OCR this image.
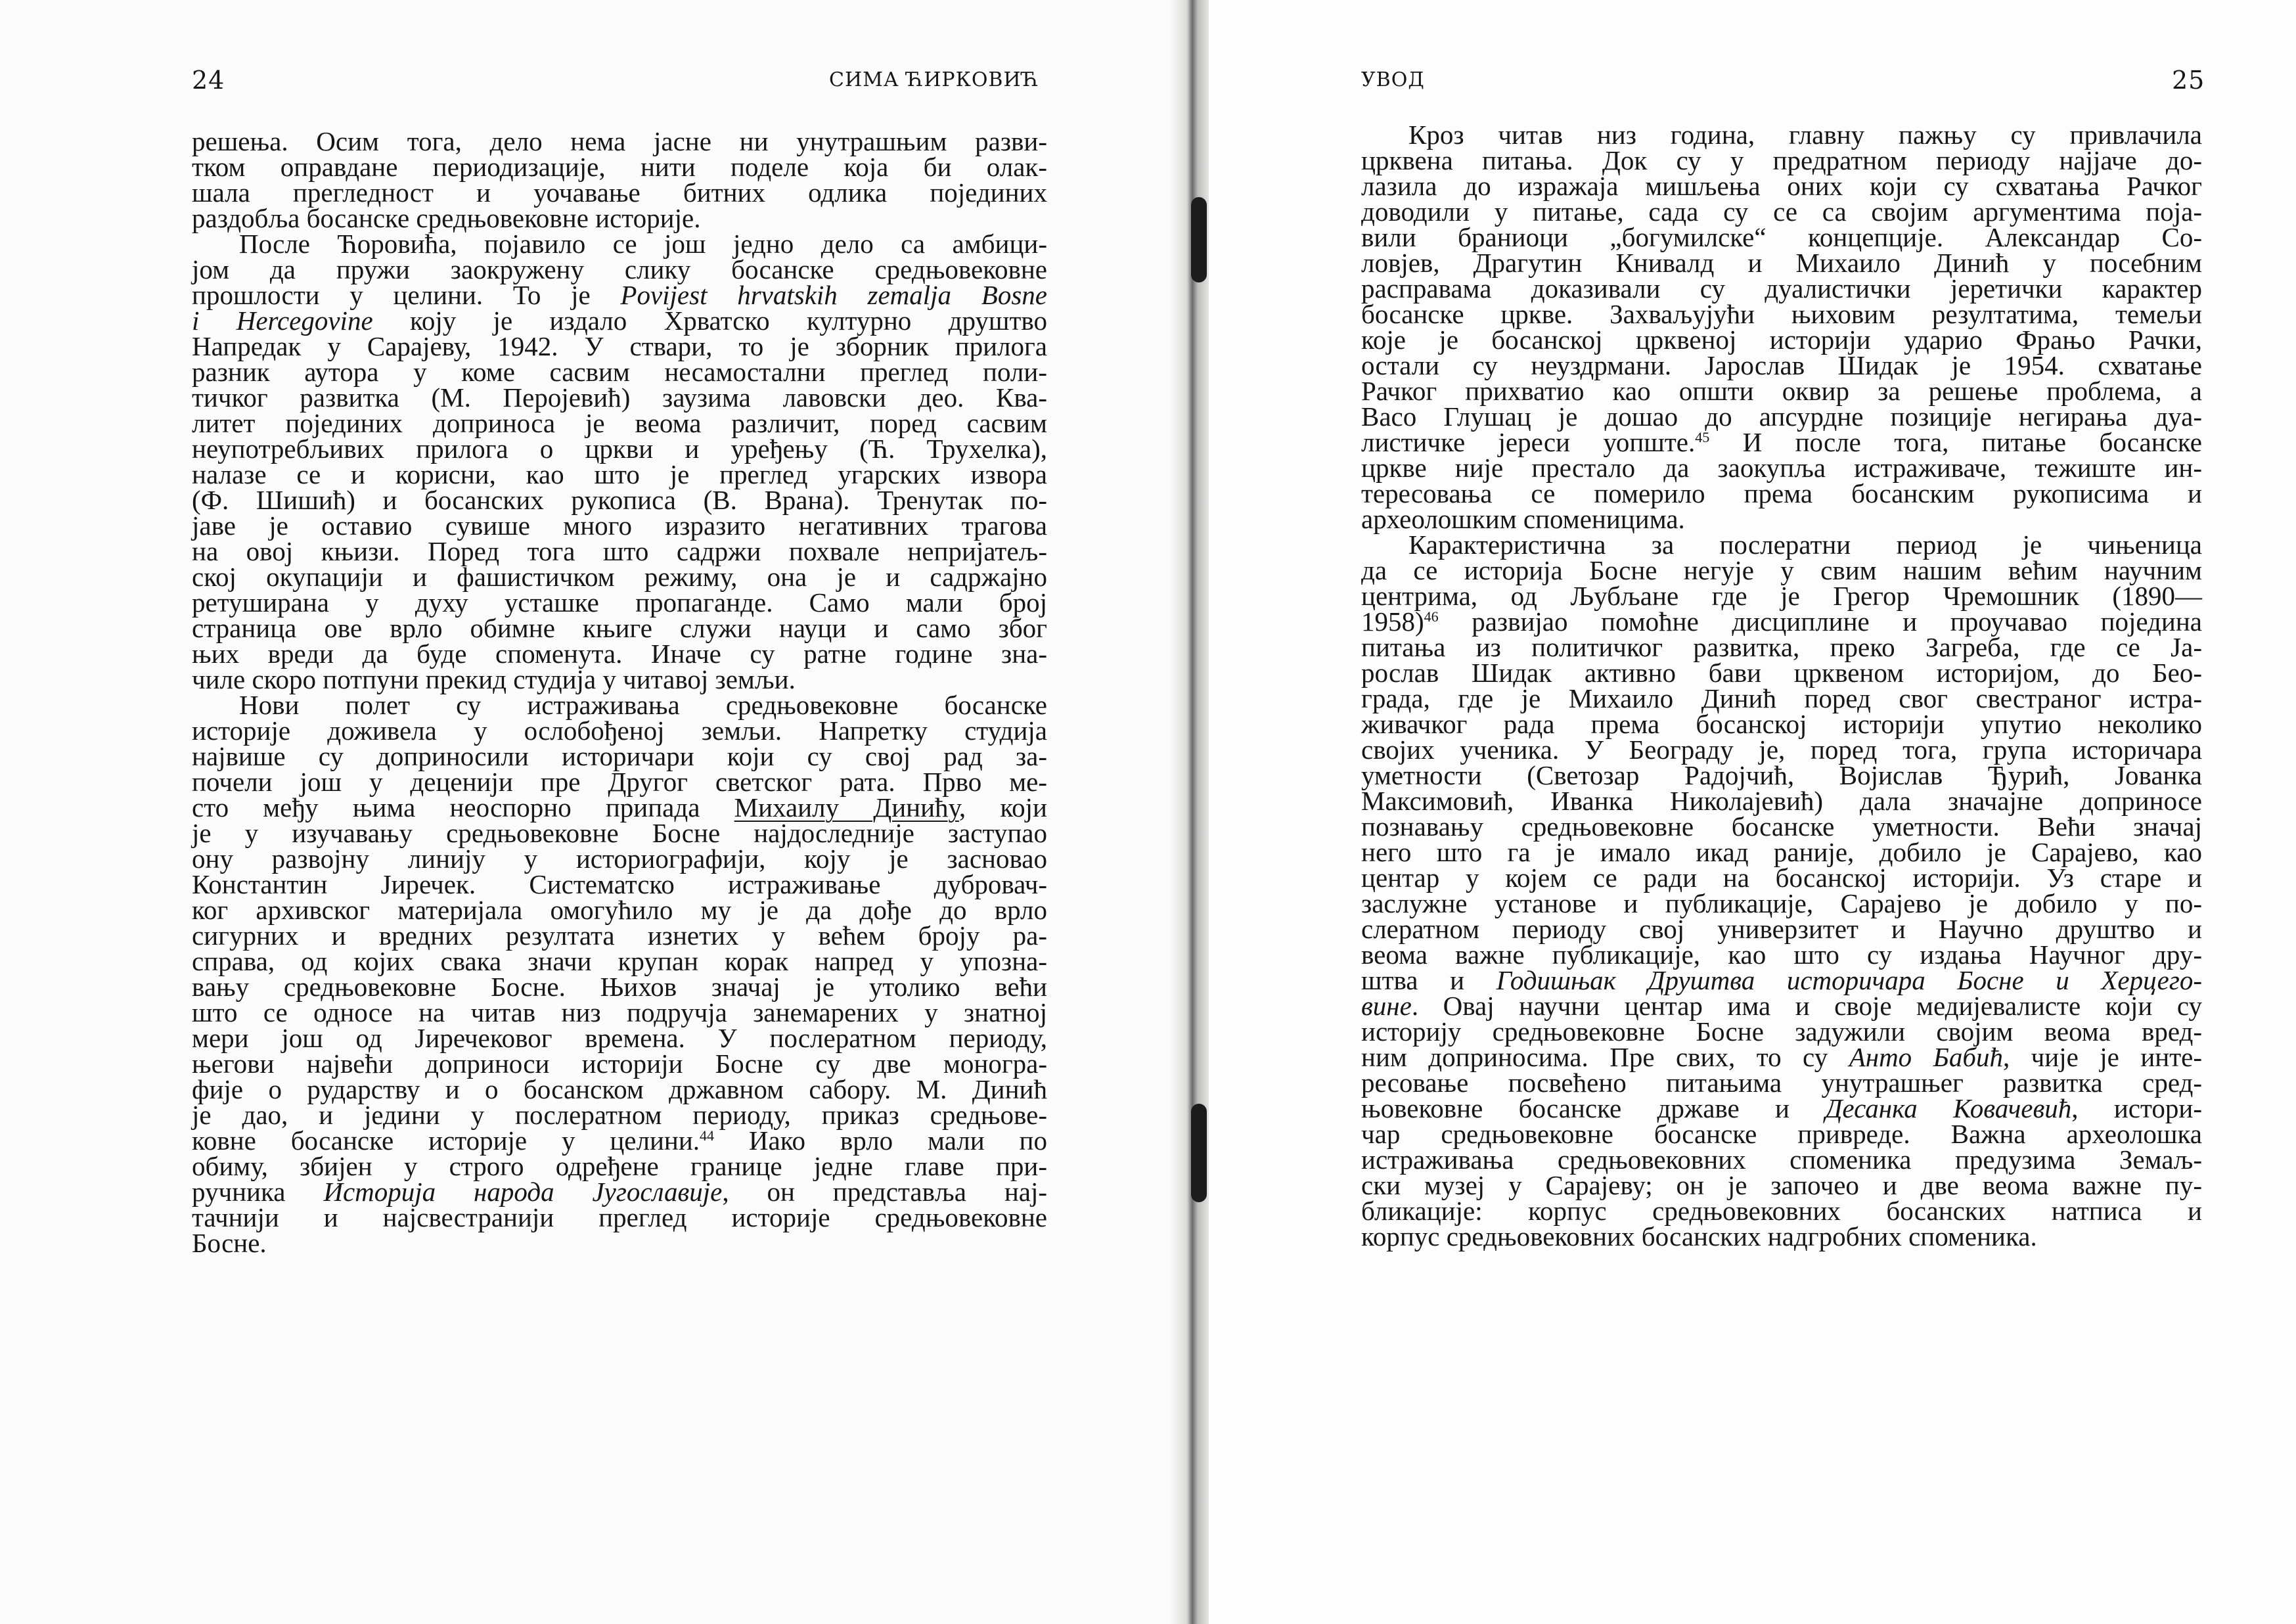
24	СИМА ЋИРКОВИЋ
решења. Осим тога, дело нема јасне ни унутрашњим разви-
тком оправдане периодизације, нити поделе која би олак-
шала прегледност и уочавање битних одлика појединих
раздобља босанске средњовековне историје.
После Ћоровића, појавило се још једно дело са амбици-
јом да пружи заокружену слику босанске средњовековне
прошлости у целини. То је Povijest hrvatskih zemalja Bosne
i Hercegovine коју је издало Хрватско културно друштво
Напредак у Сарајеву, 1942. У ствари, то је зборник прилога
разник аутора у коме сасвим несамостални преглед поли-
тичког развитка (М. Перојевић) заузима лавовски део. Ква-
литет појединих доприноса је веома различит, поред сасвим
неупотребљивих прилога о цркви и уређењу (Ћ. Трухелка),
налазе се и корисни, као што је преглед угарских извора
(Ф. Шишић) и босанских рукописа (В. Врана). Тренутак по-
јаве је оставио сувише много изразито негативних трагова
на овој књизи. Поред тога што садржи похвале непријатељ-
ској окупацији и фашистичком режиму, она је и садржајно
ретуширана у духу усташке пропаганде. Само мали број
страница ове врло обимне књиге служи науци и само због
њих вреди да буде споменута. Иначе су ратне године зна-
чиле скоро потпуни прекид студија у читавој земљи.
Нови полет су истраживања средњовековне босанске
историје доживела у ослобођеној земљи. Напретку студија
највише су доприносили историчари који су свој рад за-
почели још у деценији пре Другог светског рата. Прво ме-
сто међу њима неоспорно припада Михаилу Динићу, који
је у изучавању средњовековне Босне најдоследније заступао
ону развојну линију у историографији, коју је засновао
Константин Јиречек. Систематско истраживање дубровач-
ког архивског материјала омогућило му је да дође до врло
сигурних и вредних резултата изнетих у већем броју ра-
справа, од којих свака значи крупан корак напред у упозна-
вању средњовековне Босне. Њихов значај је утолико већи
што се односе на читав низ подручја занемарених у знатној
мери још од Јиречековог времена. У послератном периоду,
његови највећи доприноси историји Босне су две моногра-
фије о рударству и о босанском државном сабору. М. Динић
је дао, и једини у послератном периоду, приказ средњове-
ковне босанске историје у целини.$^{44}$ Иако врло мали по
обиму, збијен у строго одређене границе једне главе при-
ручника Историја народа Југославије, он представља нај-
тачнији и најсвестранији преглед историје средњовековне
Босне.
УВОД	25
Кроз читав низ година, главну пажњу су привлачила
црквена питања. Док су у предратном периоду најјаче до-
лазила до изражаја мишљења оних који су схватања Рачког
доводили у питање, сада су се са својим аргументима поја-
вили браниоци „богумилске“ концепције. Александар Со-
ловјев, Драгутин Книвалд и Михаило Динић у посебним
расправама доказивали су дуалистички јеретички карактер
босанске цркве. Захваљујући њиховим резултатима, темељи
које је босанској црквеној историји ударио Фрањо Рачки,
остали су неуздрмани. Јарослав Шидак је 1954. схватање
Рачког прихватио као општи оквир за решење проблема, а
Васо Глушац је дошао до апсурдне позиције негирања дуа-
листичке јереси уопште.$^{45}$ И после тога, питање босанске
цркве није престало да заокупља истраживаче, тежиште ин-
тересовања се померило према босанским рукописима и
археолошким споменицима.
Карактеристична за послератни период је чињеница
да се историја Босне негује у свим нашим већим научним
центрима, од Љубљане где је Грегор Чремошник (1890—
1958)$^{46}$ развијао помоћне дисциплине и проучавао поједина
питања из политичког развитка, преко Загреба, где се Ја-
рослав Шидак активно бави црквеном историјом, до Бео-
града, где је Михаило Динић поред свог свестраног истра-
живачког рада према босанској историји упутио неколико
својих ученика. У Београду је, поред тога, група историчара
уметности (Светозар Радојчић, Војислав Ђурић, Јованка
Максимовић, Иванка Николајевић) дала значајне доприносе
познавању средњовековне босанске уметности. Већи значај
него што га је имало икад раније, добило је Сарајево, као
центар у којем се ради на босанској историји. Уз старе и
заслужне установе и публикације, Сарајево је добило у по-
слератном периоду свој универзитет и Научно друштво и
веома важне публикације, као што су издања Научног дру-
штва и Годишњак Друштва историчара Босне и Херцего-
вине. Овај научни центар има и своје медијевалисте који су
историју средњовековне Босне задужили својим веома вред-
ним доприносима. Пре свих, то су Анто Бабић, чије је инте-
ресовање посвећено питањима унутрашњег развитка сред-
њовековне босанске државе и Десанка Ковачевић, истори-
чар средњовековне босанске привреде. Важна археолошка
истраживања средњовековних споменика предузима Земаљ-
ски музеј у Сарајеву; он је започео и две веома важне пу-
бликације: корпус средњовековних босанских натписа и
корпус средњовековних босанских надгробних споменика.
